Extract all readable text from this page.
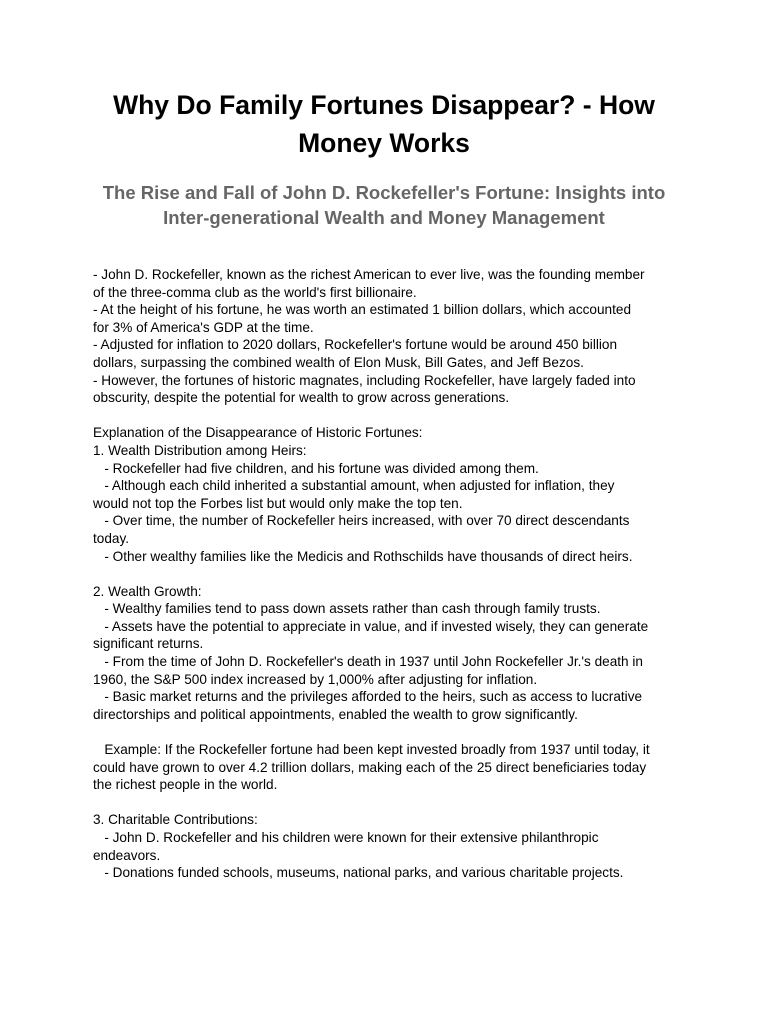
Why Do Family Fortunes Disappear? - How Money Works
The Rise and Fall of John D. Rockefeller's Fortune: Insights into Inter-generational Wealth and Money Management
- John D. Rockefeller, known as the richest American to ever live, was the founding member
of the three-comma club as the world's first billionaire.
- At the height of his fortune, he was worth an estimated 1 billion dollars, which accounted
for 3% of America's GDP at the time.
- Adjusted for inflation to 2020 dollars, Rockefeller's fortune would be around 450 billion
dollars, surpassing the combined wealth of Elon Musk, Bill Gates, and Jeff Bezos.
- However, the fortunes of historic magnates, including Rockefeller, have largely faded into
obscurity, despite the potential for wealth to grow across generations.
Explanation of the Disappearance of Historic Fortunes:
1. Wealth Distribution among Heirs:
- Rockefeller had five children, and his fortune was divided among them.
- Although each child inherited a substantial amount, when adjusted for inflation, they
would not top the Forbes list but would only make the top ten.
- Over time, the number of Rockefeller heirs increased, with over 70 direct descendants
today.
- Other wealthy families like the Medicis and Rothschilds have thousands of direct heirs.
2. Wealth Growth:
- Wealthy families tend to pass down assets rather than cash through family trusts.
- Assets have the potential to appreciate in value, and if invested wisely, they can generate
significant returns.
- From the time of John D. Rockefeller's death in 1937 until John Rockefeller Jr.'s death in
1960, the S&P 500 index increased by 1,000% after adjusting for inflation.
- Basic market returns and the privileges afforded to the heirs, such as access to lucrative
directorships and political appointments, enabled the wealth to grow significantly.
Example: If the Rockefeller fortune had been kept invested broadly from 1937 until today, it
could have grown to over 4.2 trillion dollars, making each of the 25 direct beneficiaries today
the richest people in the world.
3. Charitable Contributions:
- John D. Rockefeller and his children were known for their extensive philanthropic
endeavors.
- Donations funded schools, museums, national parks, and various charitable projects.
